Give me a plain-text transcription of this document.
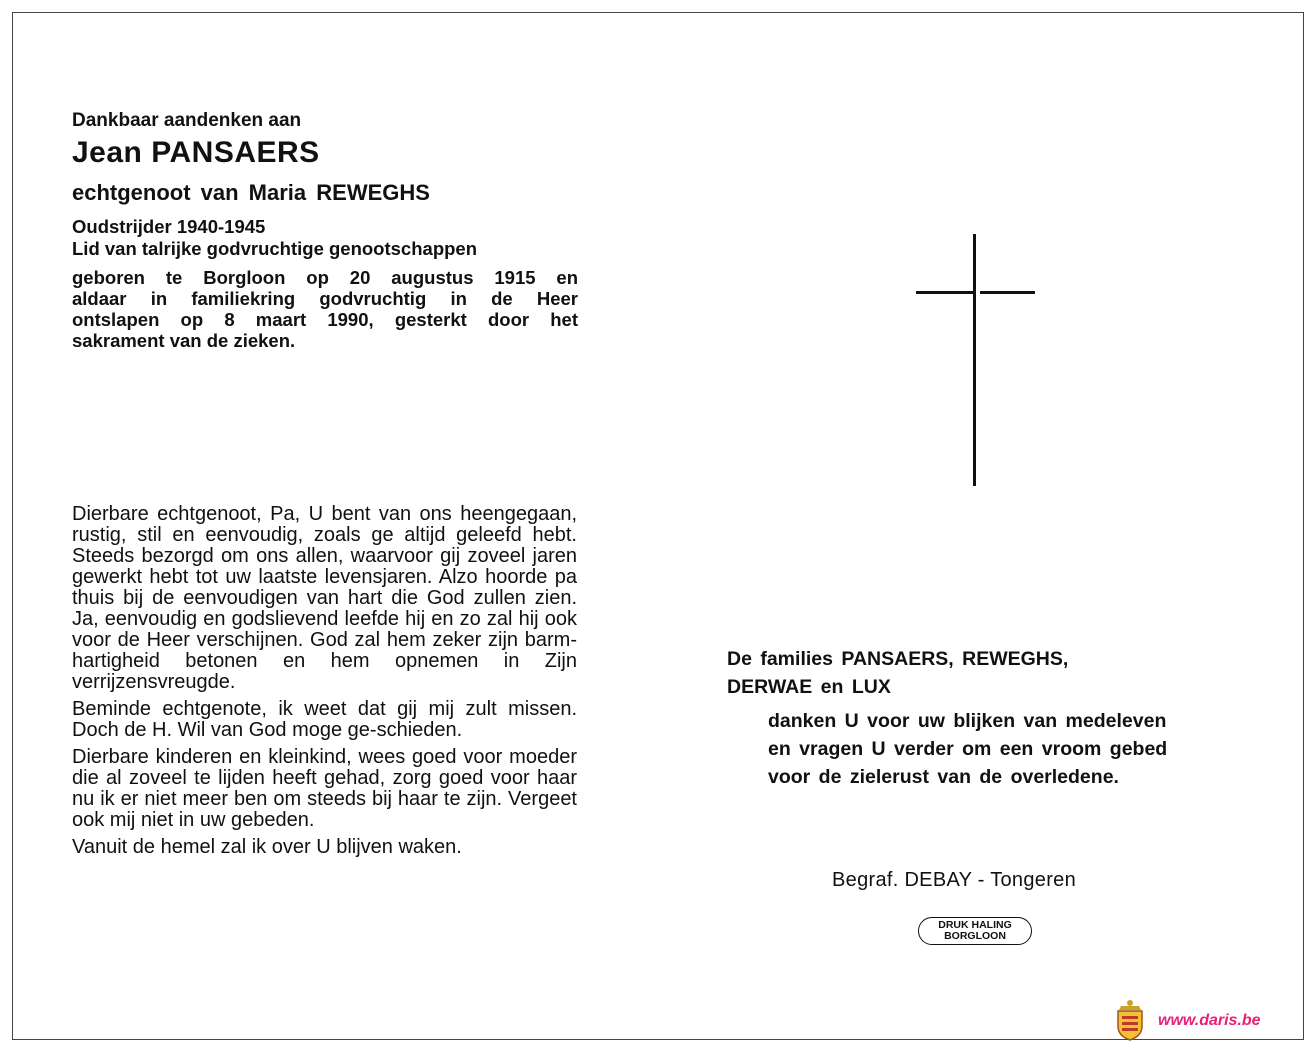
Dankbaar aandenken aan
Jean PANSAERS
echtgenoot van Maria REWEGHS
Oudstrijder 1940-1945
Lid van talrijke godvruchtige genootschappen
geboren te Borgloon op 20 augustus 1915 en
aldaar in familiekring godvruchtig in de Heer
ontslapen op 8 maart 1990, gesterkt door het
sakrament van de zieken.

Dierbare echtgenoot, Pa, U bent van ons heengegaan, rustig, stil en eenvoudig, zoals ge altijd geleefd hebt. Steeds bezorgd om ons allen, waarvoor gij zoveel jaren gewerkt hebt tot uw laatste levensjaren. Alzo hoorde pa thuis bij de eenvoudigen van hart die God zullen zien. Ja, eenvoudig en godslievend leefde hij en zo zal hij ook voor de Heer verschijnen. God zal hem zeker zijn barm-hartigheid betonen en hem opnemen in Zijn verrijzensvreugde.

Beminde echtgenote, ik weet dat gij mij zult missen. Doch de H. Wil van God moge ge-schieden.

Dierbare kinderen en kleinkind, wees goed voor moeder die al zoveel te lijden heeft gehad, zorg goed voor haar nu ik er niet meer ben om steeds bij haar te zijn. Vergeet ook mij niet in uw gebeden.

Vanuit de hemel zal ik over U blijven waken.

De families PANSAERS, REWEGHS,
DERWAE en LUX
danken U voor uw blijken van medeleven
en vragen U verder om een vroom gebed
voor de zielerust van de overledene.
Begraf. DEBAY - Tongeren
DRUK HALING
BORGLOON
www.daris.be
